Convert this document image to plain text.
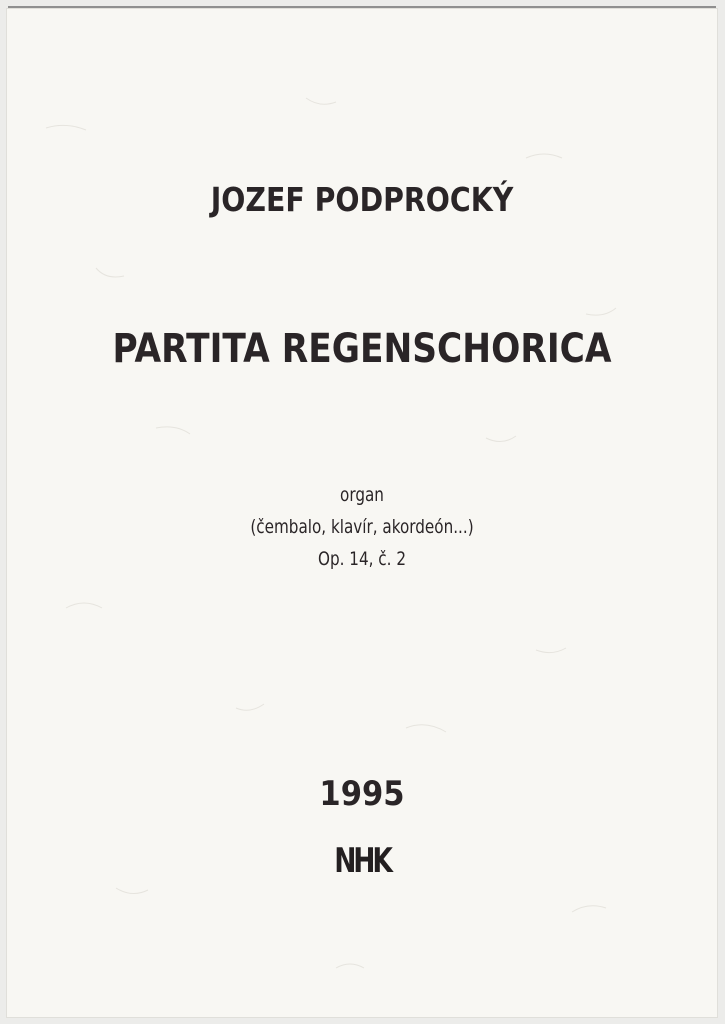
JOZEF PODPROCKÝ
PARTITA REGENSCHORICA
organ
(čembalo, klavír, akordeón...)
Op. 14, č. 2
1995
NHK
